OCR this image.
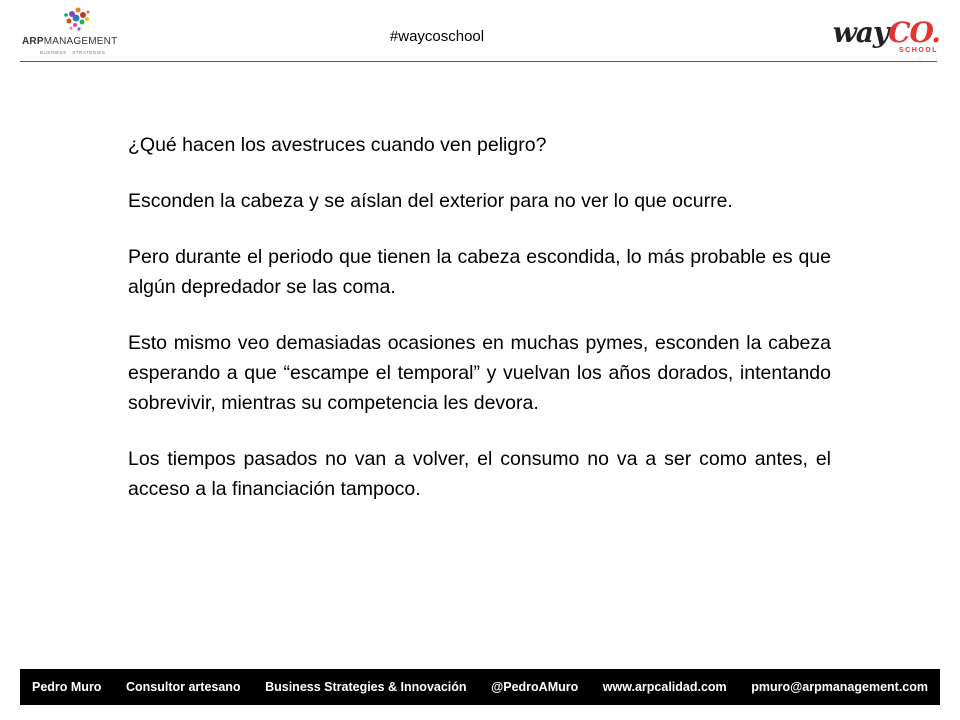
ARPMANAGEMENT
BUSINESS · STRATEGIES
#waycoschool	wayCO.
SCHOOL

¿Qué hacen los avestruces cuando ven peligro?

Esconden la cabeza y se aíslan del exterior para no ver lo que ocurre.

Pero durante el periodo que tienen la cabeza escondida, lo más probable es que algún depredador se las coma.

Esto mismo veo demasiadas ocasiones en muchas pymes, esconden la cabeza esperando a que “escampe el temporal” y vuelvan los años dorados, intentando sobrevivir, mientras su competencia les devora.

Los tiempos pasados no van a volver, el consumo no va a ser como antes, el acceso a la financiación tampoco.

Pedro Muro Consultor artesano Business Strategies & Innovación @PedroAMuro www.arpcalidad.com pmuro@arpmanagement.com
